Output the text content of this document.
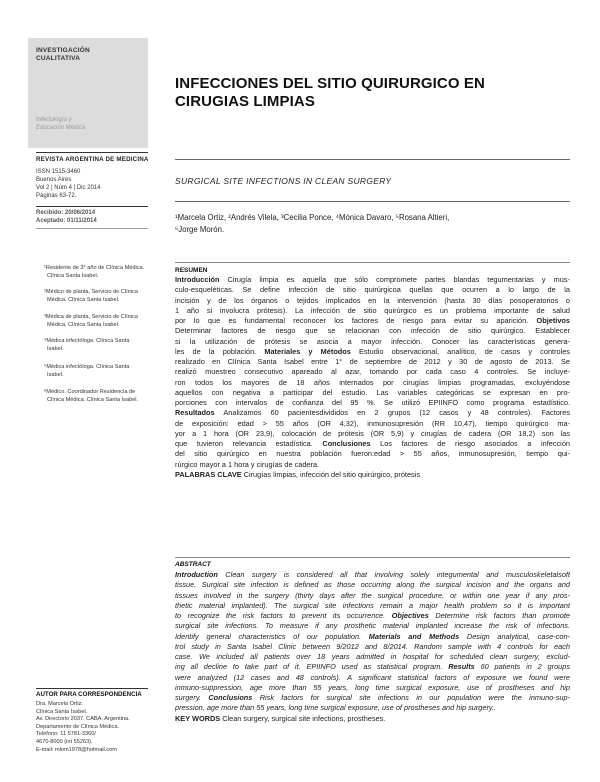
INVESTIGACIÓN
CUALITATIVA
Infectología y
Educación Médica
REVISTA ARGENTINA DE MEDICINA
ISSN 1515-3460
Buenos Aires
Vol 2 | Núm 4 | Dic 2014
Páginas 63-72.
Recibido: 20/06/2014
Aceptado: 01/11/2014
¹Residente de 3° año de Clínica Médica.
Clínica Santa Isabel.
²Médico de planta, Servicio de Clínica
Médica. Clínica Santa Isabel.
³Médica de planta, Servicio de Clínica
Médica. Clínica Santa Isabel.
⁴Médica infectóloga. Clínica Santa
Isabel.
⁵Médica infectóloga. Clínica Santa
Isabel.
⁶Médico. Coordinador Residencia de
Clínica Médica. Clínica Santa Isabel.
AUTOR PARA CORRESPONDENCIA
Dra. Marcela Ortiz.
Clínica Santa Isabel.
Av. Directorio 2037. CABA. Argentina.
Departamento de Clínica Médica.
Teléfono: 11 5781-3360/
4670-8000 (int 55263).
E-mail: mlom1978@hotmail.com
INFECCIONES DEL SITIO QUIRURGICO EN
CIRUGIAS LIMPIAS
SURGICAL SITE INFECTIONS IN CLEAN SURGERY
¹Marcela Ortiz, ²Andrés Vilela, ³Cecilia Ponce, ⁴Mónica Davaro, ⁵Rosana Altieri,
⁶Jorge Morón.
RESUMEN
Introducción Cirugía limpia es aquella que sólo compromete partes blandas tegumentarias y mus-
culo-esqueléticas. Se define infección de sitio quirúrgicoa quellas que ocurren a lo largo de la
incisión y de los órganos o tejidos implicados en la intervención (hasta 30 días posoperatorios o
1 año si involucra prótesis). La infección de sitio quirúrgico es un problema importante de salud
por lo que es fundamental reconocer los factores de riesgo para evitar su aparición. Objetivos
Determinar factores de riesgo que se relacionan con infección de sitio quirúrgico. Establecer
si la utilización de prótesis se asocia a mayor infección. Conocer las características genera-
les de la población. Materiales y Métodos Estudio observacional, analítico, de casos y controles
realizado en Clínica Santa Isabel entre 1° de septiembre de 2012 y 30 de agosto de 2013. Se
realizó muestreo consecutivo apareado al azar, tomando por cada caso 4 controles. Se incluye-
ron todos los mayores de 18 años internados por cirugías limpias programadas, excluyéndose
aquellos con negativa a participar del estudio. Las variables categóricas se expresan en pro-
porciones con intervalos de confianza del 95 %. Se utilizó EPIINFO como programa estadístico.
Resultados Analizamos 60 pacientesdivididos en 2 grupos (12 casos y 48 controles). Factores
de exposición: edad > 55 años (OR 4,32), inmunosupresión (RR 10,47), tiempo quirúrgico ma-
yor a 1 hora (OR 23,9), colocación de prótesis (OR 5,9) y cirugías de cadera (OR 18,2) son las
que tuvieron relevancia estadística. Conclusiones Los factores de riesgo asociados a infección
del sitio quirúrgico en nuestra población fueron:edad > 55 años, inmunosupresión, tiempo qui-
rúrgico mayor a 1 hora y cirugías de cadera.
PALABRAS CLAVE Cirugías limpias, infección del sitio quirúrgico, prótesis
ABSTRACT
Introduction Clean surgery is considered all that involving solely integumental and musculoskeletalsoft
tissue. Surgical site infection is defined as those occurring along the surgical incision and the organs and
tissues involved in the surgery (thirty days after the surgical procedure, or within one year if any pros-
thetic material implanted). The surgical site infections remain a major health problem so it is important
to recognize the risk factors to prevent its occurrence. Objectives Determine risk factors than promote
surgical site infections. To measure if any prosthetic material implanted increase the risk of infections.
Identify general characteristics of our population. Materials and Methods Design analytical, case-con-
trol study in Santa Isabel Clinic between 9/2012 and 8/2014. Random sample with 4 controls for each
case. We included all patients over 18 years admitted in hospital for scheduled clean surgery, exclud-
ing all decline to take part of it. EPIINFO used as statistical program. Results 60 patients in 2 groups
were analyzed (12 cases and 48 controls). A significant statistical factors of exposure we found were
inmuno-suppression, age more than 55 years, long time surgical exposure, use of prostheses and hip
surgery. Conclusions Risk factors for surgical site infections in our population were the inmuno-sup-
pression, age more than 55 years, long time surgical exposure, use of prostheses and hip surgery..
KEY WORDS Clean surgery, surgical site infections, prostheses.
